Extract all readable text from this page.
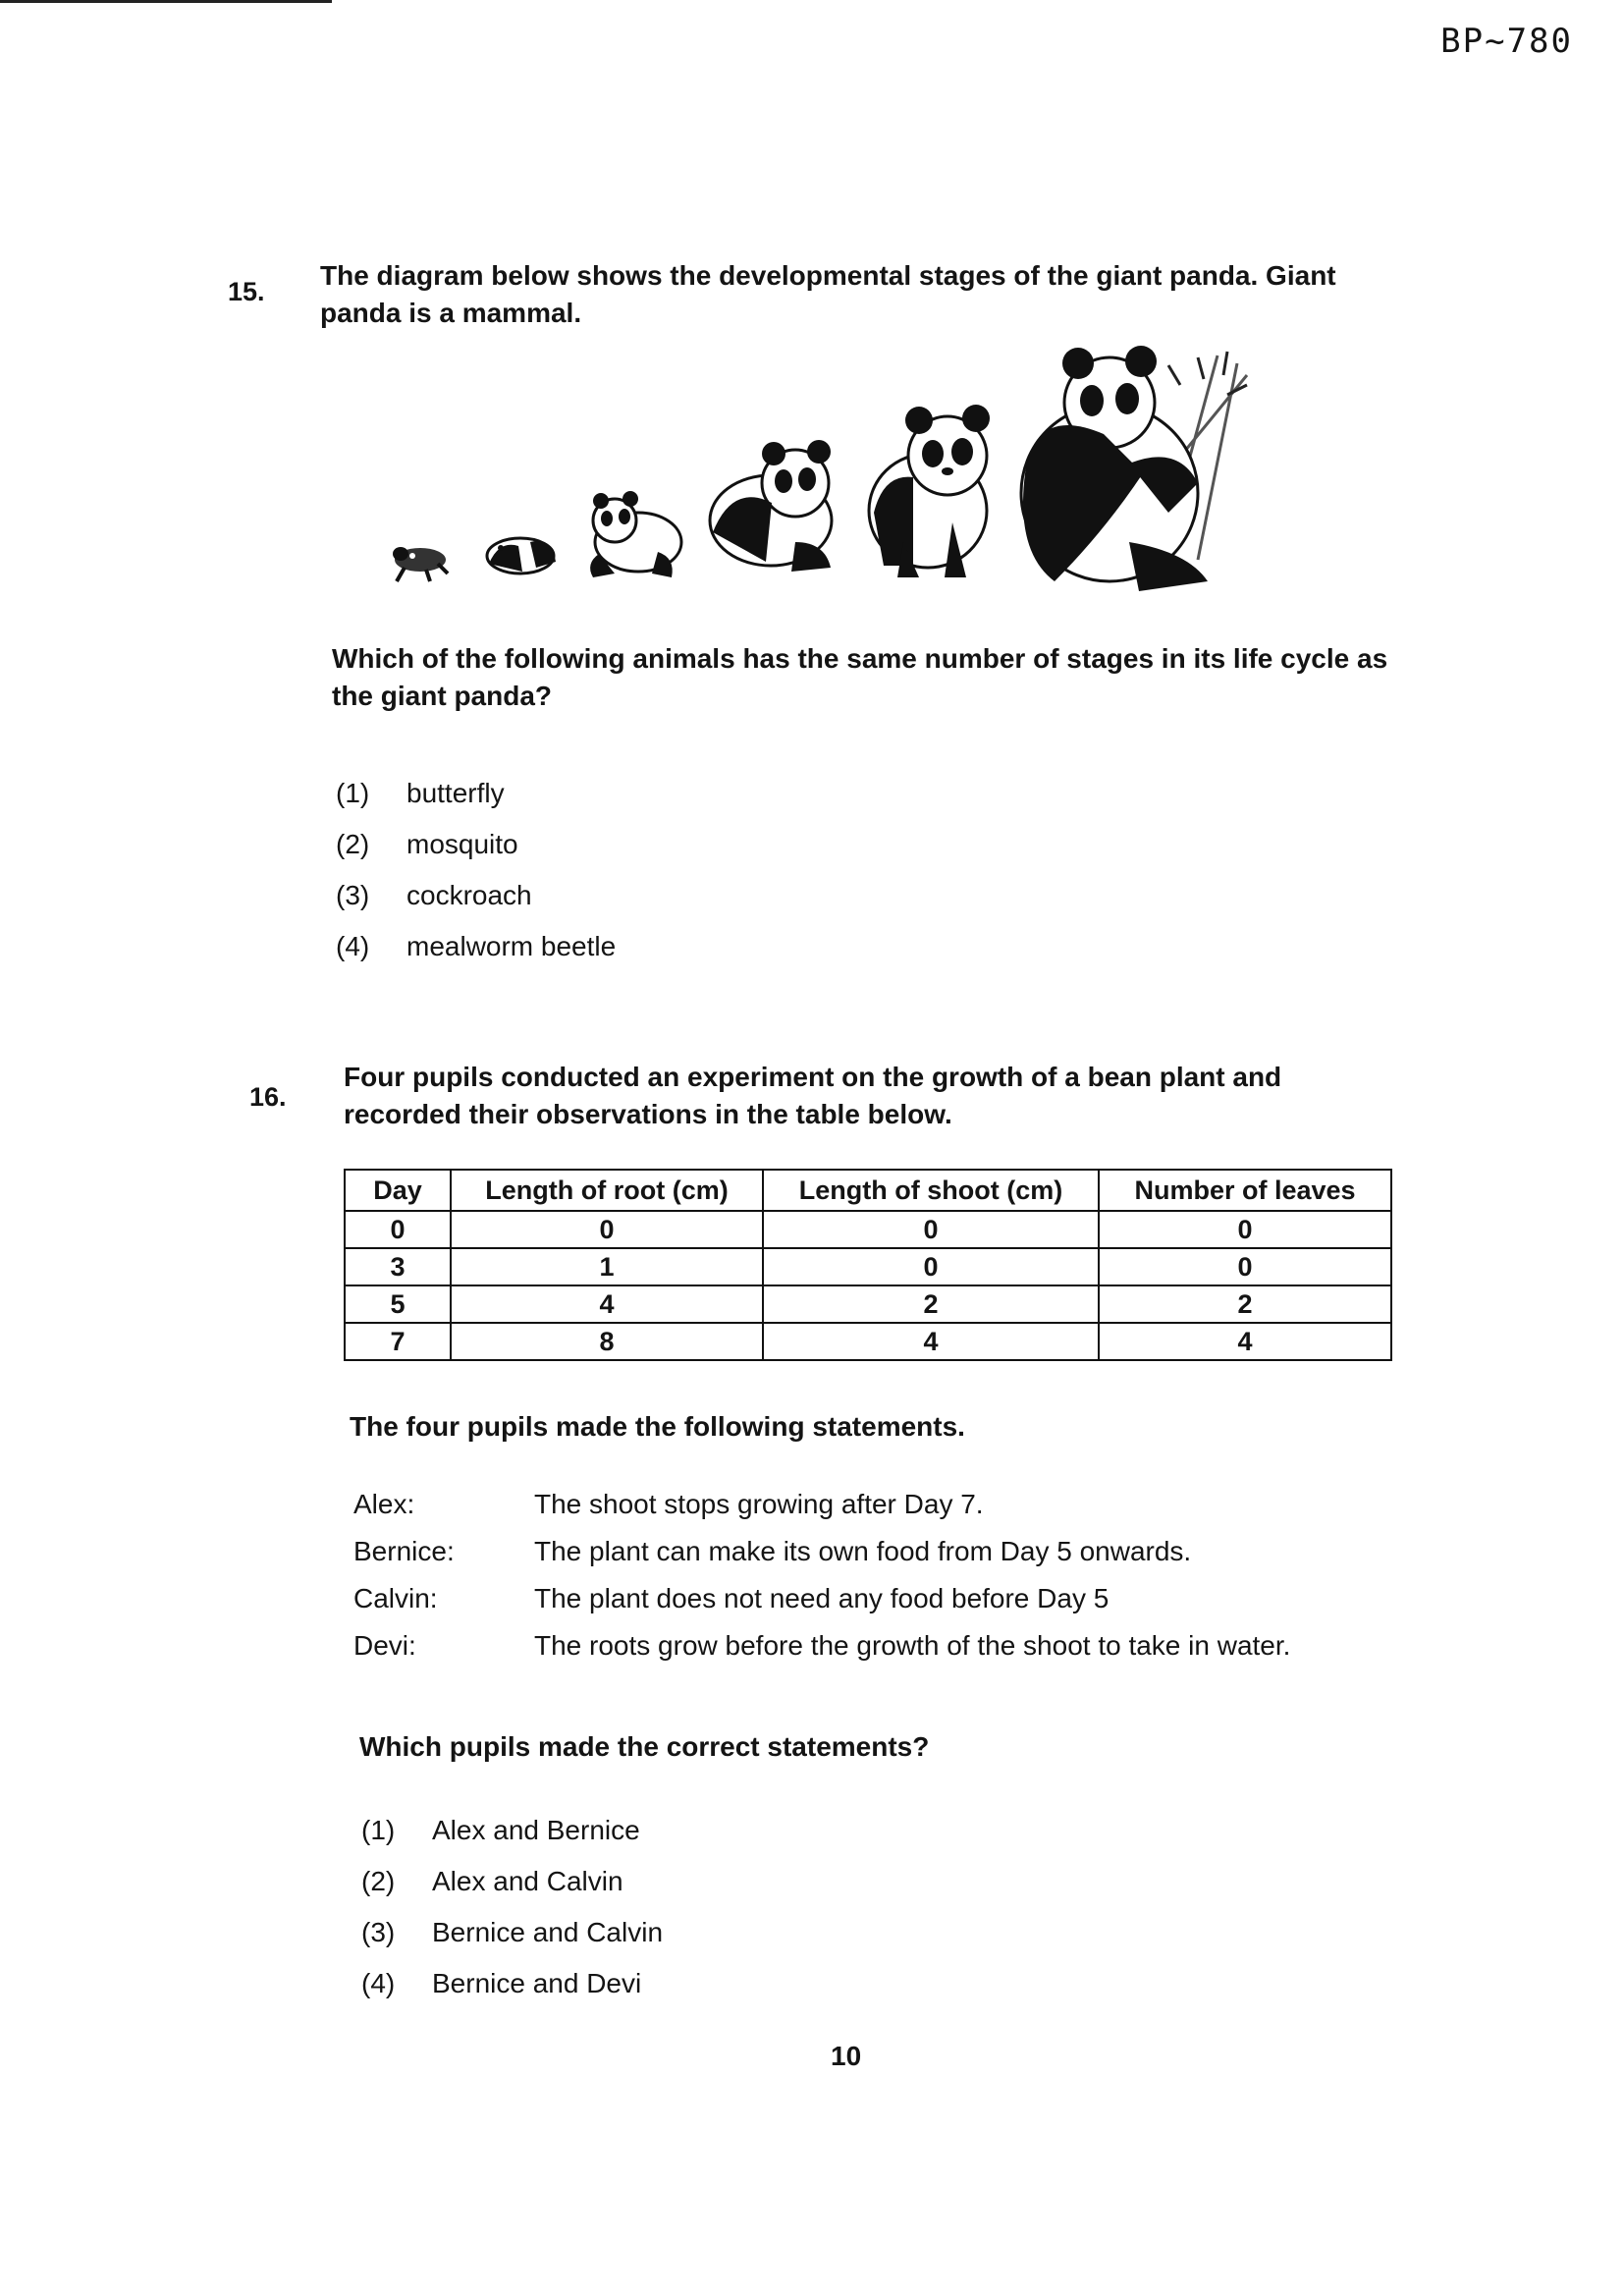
BP~780
15.
The diagram below shows the developmental stages of the giant panda. Giant panda is a mammal.
Which of the following animals has the same number of stages in its life cycle as the giant panda?
(1)	butterfly
(2)	mosquito
(3)	cockroach
(4)	mealworm beetle
16.
Four pupils conducted an experiment on the growth of a bean plant and recorded their observations in the table below.
Day	Length of root (cm)	Length of shoot (cm)	Number of leaves
0	0	0	0
3	1	0	0
5	4	2	2
7	8	4	4
The four pupils made the following statements.
Alex:	The shoot stops growing after Day 7.
Bernice:	The plant can make its own food from Day 5 onwards.
Calvin:	The plant does not need any food before Day 5
Devi:	The roots grow before the growth of the shoot to take in water.
Which pupils made the correct statements?
(1)	Alex and Bernice
(2)	Alex and Calvin
(3)	Bernice and Calvin
(4)	Bernice and Devi
10
